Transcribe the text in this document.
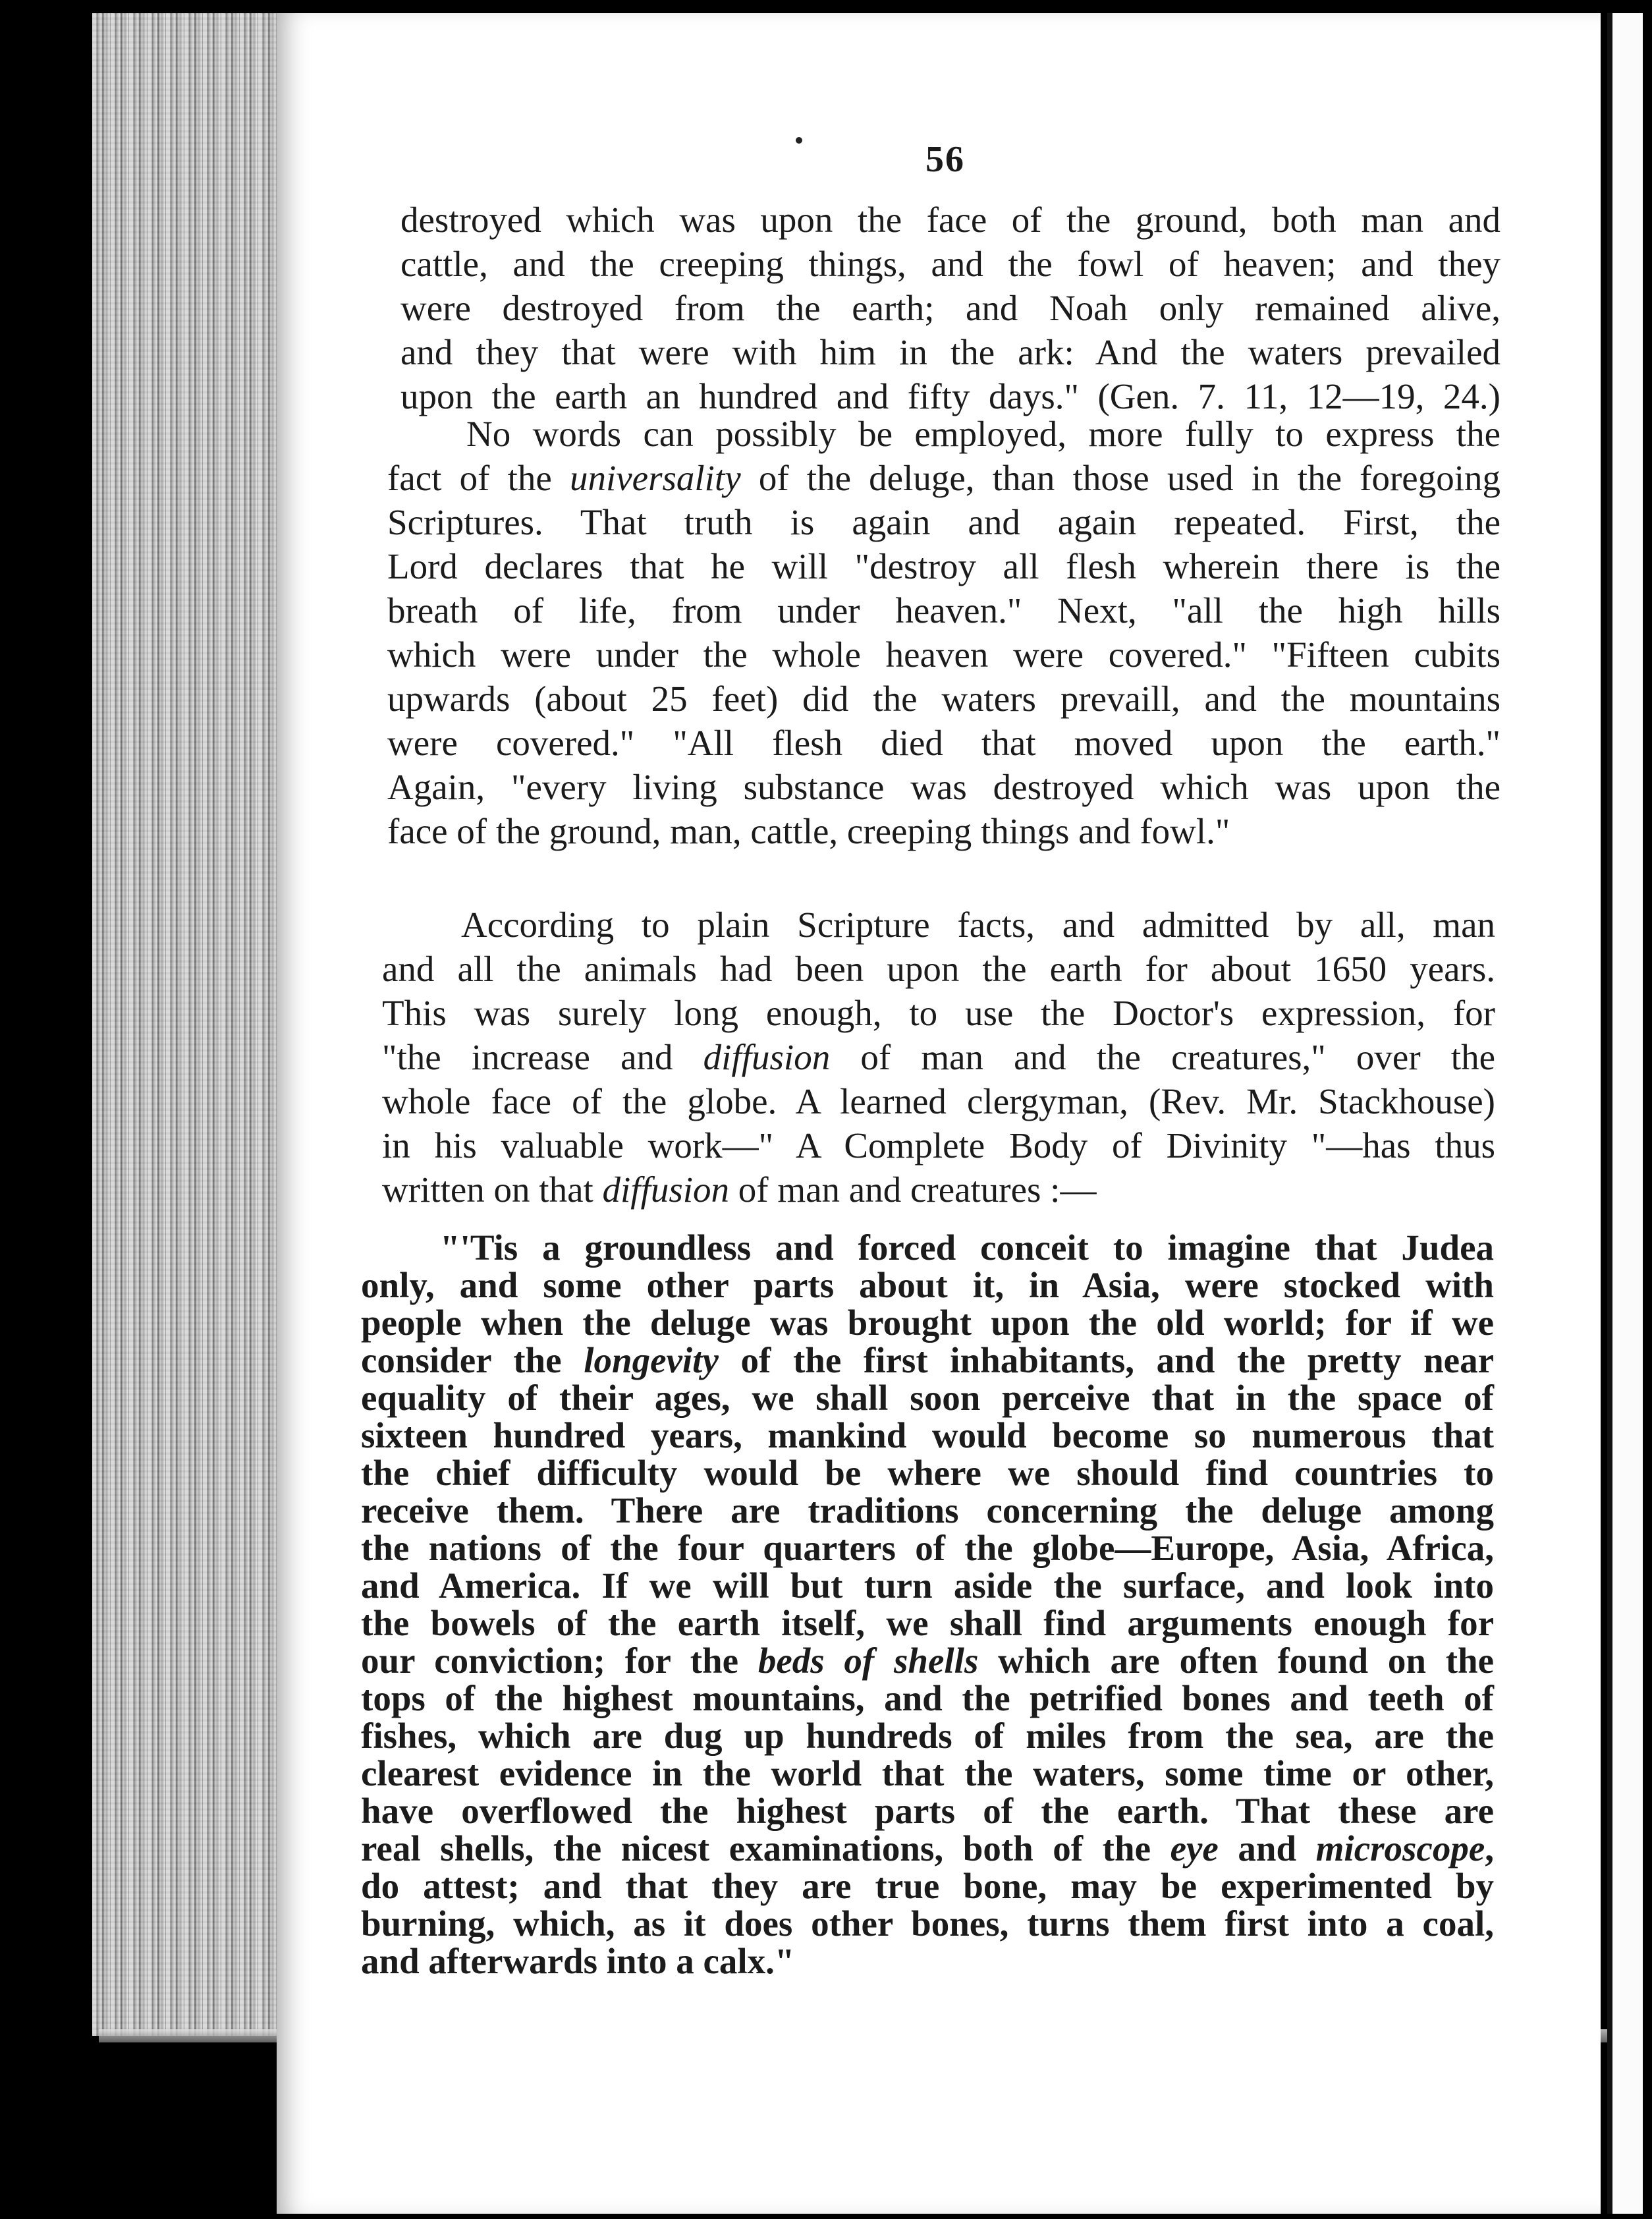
56
destroyed which was upon the face of the ground, both man and
cattle, and the creeping things, and the fowl of heaven; and they
were destroyed from the earth; and Noah only remained alive,
and they that were with him in the ark: And the waters prevailed
upon the earth an hundred and fifty days." (Gen. 7. 11, 12—19, 24.)
No words can possibly be employed, more fully to express the
fact of the universality of the deluge, than those used in the foregoing
Scriptures. That truth is again and again repeated. First, the
Lord declares that he will "destroy all flesh wherein there is the
breath of life, from under heaven." Next, "all the high hills
which were under the whole heaven were covered." "Fifteen cubits
upwards (about 25 feet) did the waters prevaill, and the mountains
were covered." "All flesh died that moved upon the earth."
Again, "every living substance was destroyed which was upon the
face of the ground, man, cattle, creeping things and fowl."
According to plain Scripture facts, and admitted by all, man
and all the animals had been upon the earth for about 1650 years.
This was surely long enough, to use the Doctor's expression, for
"the increase and diffusion of man and the creatures," over the
whole face of the globe. A learned clergyman, (Rev. Mr. Stackhouse)
in his valuable work—" A Complete Body of Divinity "—has thus
written on that diffusion of man and creatures :—
"'Tis a groundless and forced conceit to imagine that Judea
only, and some other parts about it, in Asia, were stocked with
people when the deluge was brought upon the old world; for if we
consider the longevity of the first inhabitants, and the pretty near
equality of their ages, we shall soon perceive that in the space of
sixteen hundred years, mankind would become so numerous that
the chief difficulty would be where we should find countries to
receive them. There are traditions concerning the deluge among
the nations of the four quarters of the globe—Europe, Asia, Africa,
and America. If we will but turn aside the surface, and look into
the bowels of the earth itself, we shall find arguments enough for
our conviction; for the beds of shells which are often found on the
tops of the highest mountains, and the petrified bones and teeth of
fishes, which are dug up hundreds of miles from the sea, are the
clearest evidence in the world that the waters, some time or other,
have overflowed the highest parts of the earth. That these are
real shells, the nicest examinations, both of the eye and microscope,
do attest; and that they are true bone, may be experimented by
burning, which, as it does other bones, turns them first into a coal,
and afterwards into a calx."
